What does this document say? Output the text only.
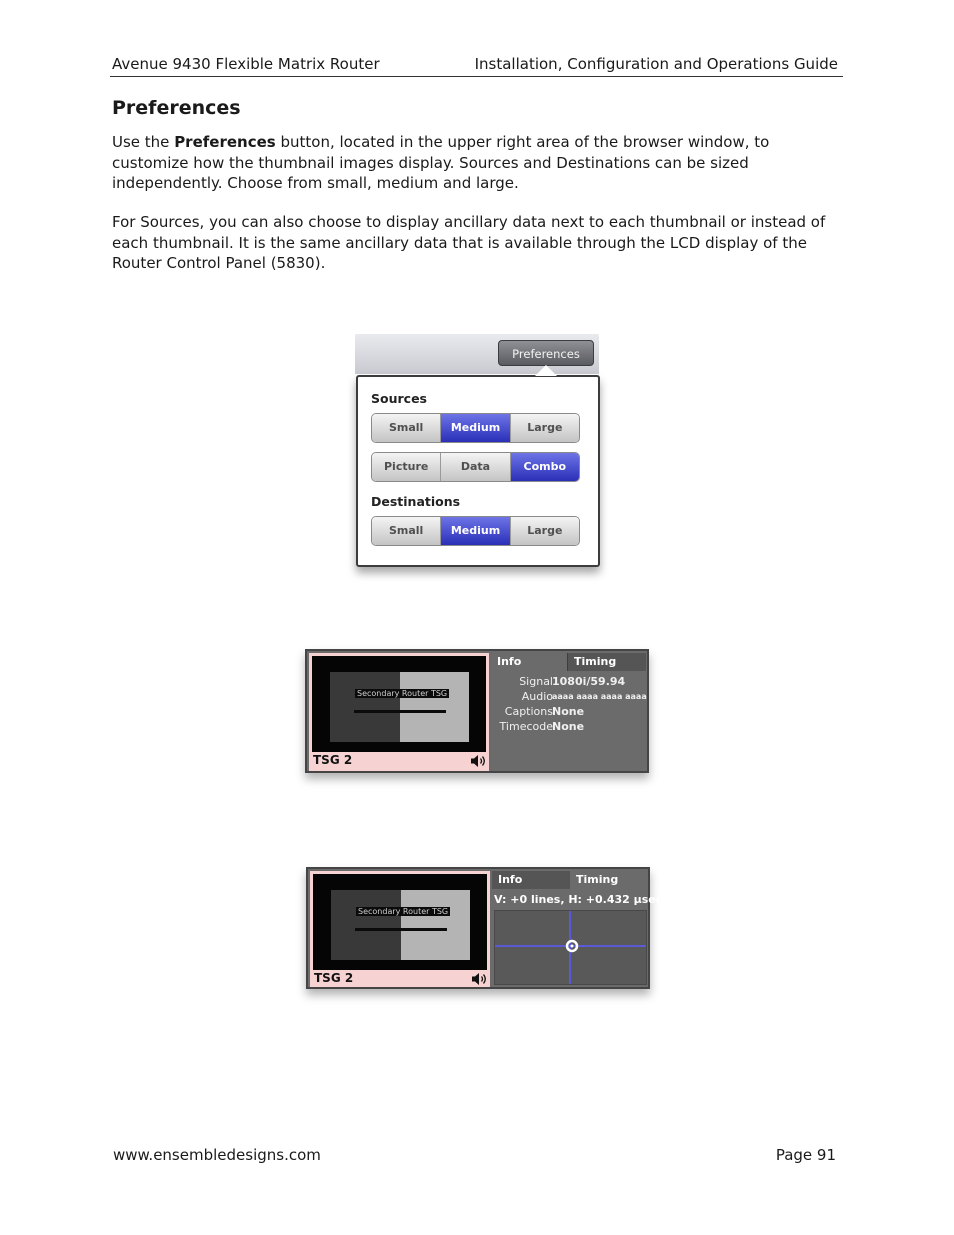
Avenue 9430 Flexible Matrix Router	Installation, Configuration and Operations Guide
Preferences
Use the Preferences button, located in the upper right area of the browser window, to customize how the thumbnail images display. Sources and Destinations can be sized independently. Choose from small, medium and large.
For Sources, you can also choose to display ancillary data next to each thumbnail or instead of each thumbnail. It is the same ancillary data that is available through the LCD display of the Router Control Panel (5830).
Preferences
Sources
Small	Medium	Large
Picture	Data	Combo
Destinations
Small	Medium	Large
Secondary Router TSG
TSG 2
Info	Timing
Signal 1080i/59.94
Audio aaaa aaaa aaaa aaaa
Captions None
Timecode None
Secondary Router TSG
TSG 2
Info	Timing
V: +0 lines, H: +0.432 µsec
www.ensembledesigns.com	Page 91
